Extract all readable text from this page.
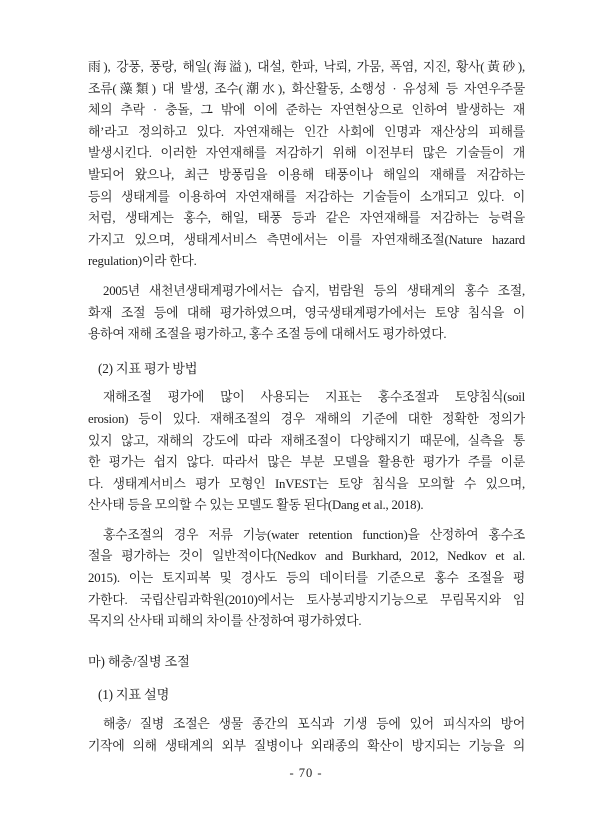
雨), 강풍, 풍랑, 해일(海溢), 대설, 한파, 낙뢰, 가뭄, 폭염, 지진, 황사(黃砂),
조류(藻類) 대 발생, 조수(潮水), 화산활동, 소행성 · 유성체 등 자연우주물
체의 추락 · 충돌, 그 밖에 이에 준하는 자연현상으로 인하여 발생하는 재
해’라고 정의하고 있다. 자연재해는 인간 사회에 인명과 재산상의 피해를
발생시킨다. 이러한 자연재해를 저감하기 위해 이전부터 많은 기술들이 개
발되어 왔으나, 최근 방풍림을 이용해 태풍이나 해일의 재해를 저감하는
등의 생태계를 이용하여 자연재해를 저감하는 기술들이 소개되고 있다. 이
처럼, 생태계는 홍수, 해일, 태풍 등과 같은 자연재해를 저감하는 능력을
가지고 있으며, 생태계서비스 측면에서는 이를 자연재해조절(Nature hazard
regulation)이라 한다.
2005년 새천년생태계평가에서는 습지, 범람원 등의 생태계의 홍수 조절,
화재 조절 등에 대해 평가하였으며, 영국생태계평가에서는 토양 침식을 이
용하여 재해 조절을 평가하고, 홍수 조절 등에 대해서도 평가하였다.
(2) 지표 평가 방법
재해조절 평가에 많이 사용되는 지표는 홍수조절과 토양침식(soil
erosion) 등이 있다. 재해조절의 경우 재해의 기준에 대한 정확한 정의가
있지 않고, 재해의 강도에 따라 재해조절이 다양해지기 때문에, 실측을 통
한 평가는 쉽지 않다. 따라서 많은 부분 모델을 활용한 평가가 주를 이룬
다. 생태계서비스 평가 모형인 InVEST는 토양 침식을 모의할 수 있으며,
산사태 등을 모의할 수 있는 모델도 활동 된다(Dang et al., 2018).
홍수조절의 경우 저류 기능(water retention function)을 산정하여 홍수조
절을 평가하는 것이 일반적이다(Nedkov and Burkhard, 2012, Nedkov et al.
2015). 이는 토지피복 및 경사도 등의 데이터를 기준으로 홍수 조절을 평
가한다. 국립산림과학원(2010)에서는 토사붕괴방지기능으로 무림목지와 임
목지의 산사태 피해의 차이를 산정하여 평가하였다.
마) 해충/질병 조절
(1) 지표 설명
해충/ 질병 조절은 생물 종간의 포식과 기생 등에 있어 피식자의 방어
기작에 의해 생태계의 외부 질병이나 외래종의 확산이 방지되는 기능을 의
- 70 -
